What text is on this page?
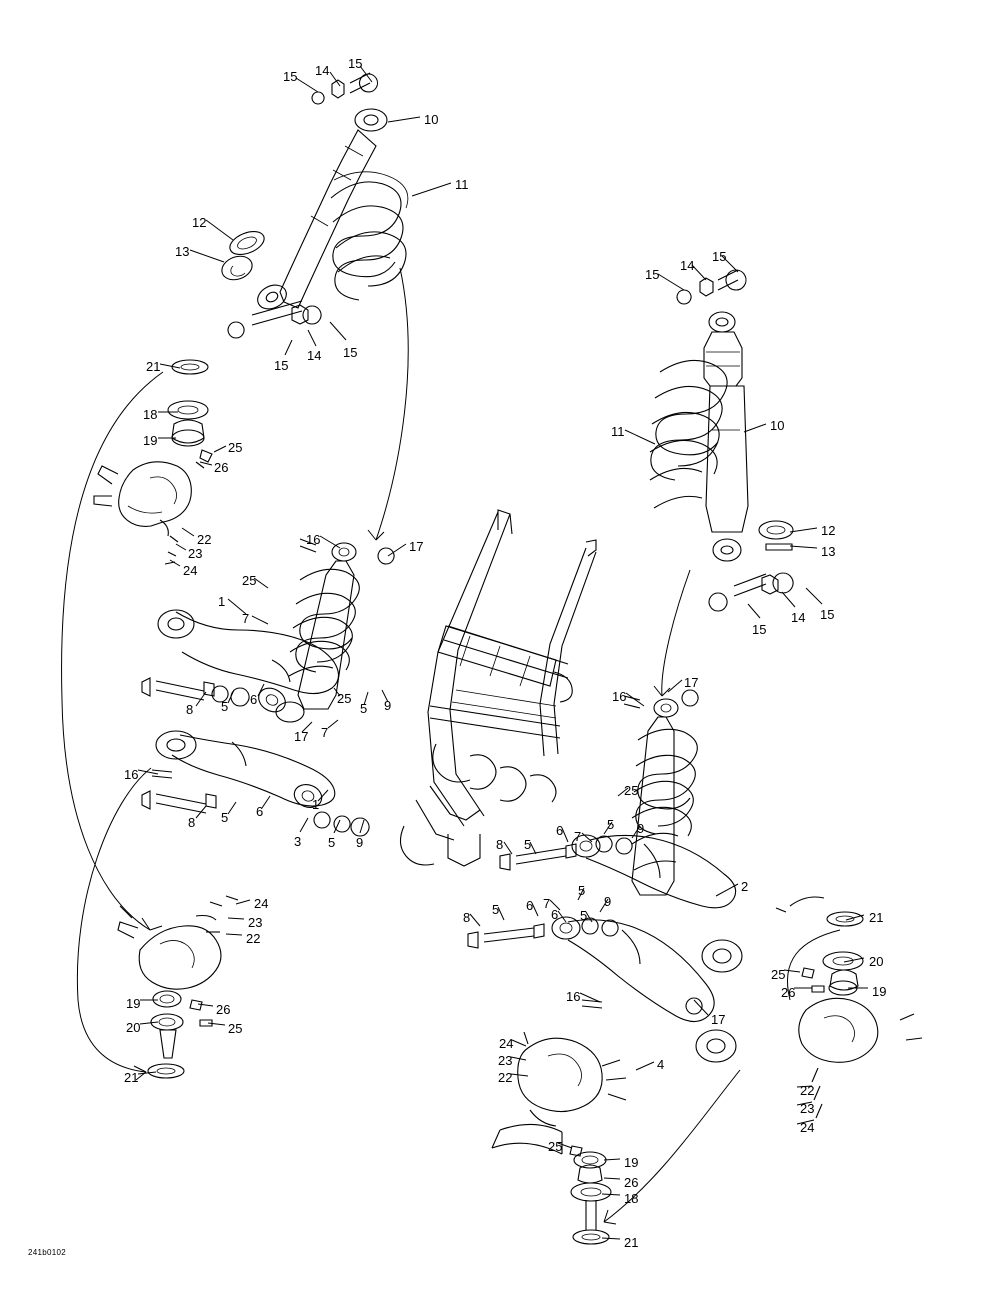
15 14 15
10
11
12
13
15
14 15
15
14
15
10
11
12
13
15
14 15
21
18
19	25
26
22
23
24
16	17
25
1
7
8 5 6	25
5 9
17 7
16
8 5 6
3
1
5 9
16
17
25
7
5 9
2
8 5
6
7
5
6 5
9
8
5 6
21
20
25
19
26
16
17
24
23
22
19	26
20	25
21
24
23
22
4
22
23
24
25
19
26
18
21
241b0102
